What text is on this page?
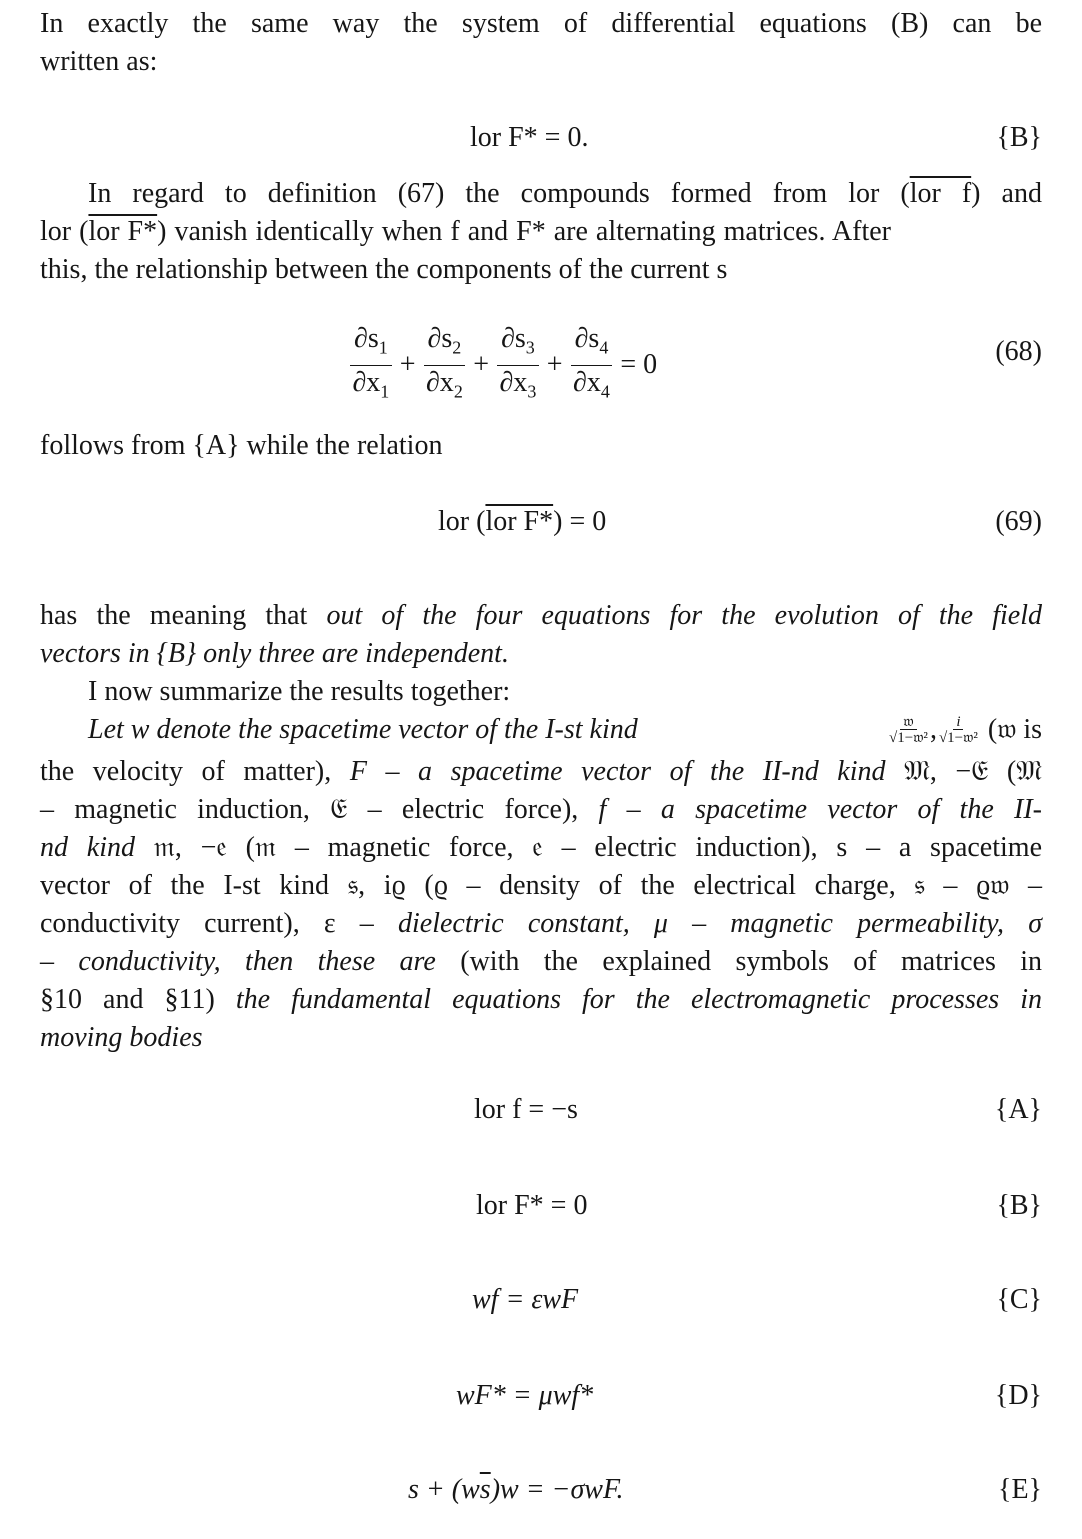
In exactly the same way the system of differential equations (B) can be
written as:
lor F* = 0.	{B}
In regard to definition (67) the compounds formed from lor (lor f) and
lor (lor F*) vanish identically when f and F* are alternating matrices. After
this, the relationship between the components of the current s
$\frac{\partial s_1}{\partial x_1} + \frac{\partial s_2}{\partial x_2} + \frac{\partial s_3}{\partial x_3} + \frac{\partial s_4}{\partial x_4} = 0$	(68)
follows from {A} while the relation
lor (lor F*) = 0	(69)
has the meaning that out of the four equations for the evolution of the field
vectors in {B} only three are independent.
I now summarize the results together:
Let w denote the spacetime vector of the I-st kind	$\frac{\text{𝔴}}{\text{√1−𝔴²}}$ , $\frac{i}{\text{√1−𝔴²}}$ (𝔴 is
the velocity of matter), F – a spacetime vector of the II-nd kind 𝔐, −𝔈 (𝔐
– magnetic induction, 𝔈 – electric force), f – a spacetime vector of the II-
nd kind 𝔪, −𝔢 (𝔪 – magnetic force, 𝔢 – electric induction), s – a spacetime
vector of the I-st kind 𝔰, iϱ (ϱ – density of the electrical charge, 𝔰 – ϱ𝔴 –
conductivity current), ε – dielectric constant, μ – magnetic permeability, σ
– conductivity, then these are (with the explained symbols of matrices in
§10 and §11) the fundamental equations for the electromagnetic processes in
moving bodies
lor f = −s	{A}
lor F* = 0	{B}
wf = εwF	{C}
wF* = μwf*	{D}
$s + (w\overline{s})w = -\sigma wF$.	{E}
